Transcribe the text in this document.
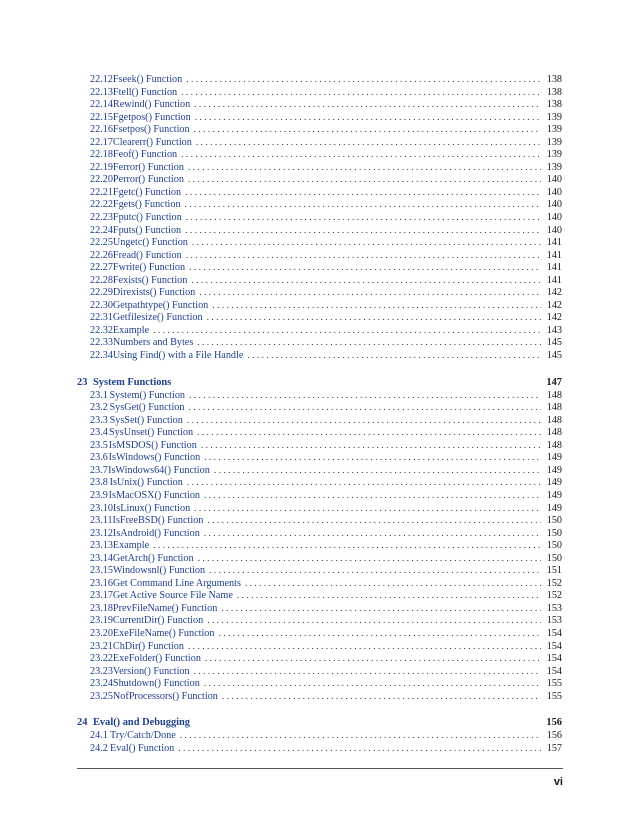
22.12 Fseek() Function . . .	138
22.13 Ftell() Function . . .	138
22.14 Rewind() Function . . .	138
22.15 Fgetpos() Function . . .	139
22.16 Fsetpos() Function . . .	139
22.17 Clearerr() Function . . .	139
22.18 Feof() Function . . .	139
22.19 Ferror() Function . . .	139
22.20 Perror() Function . . .	140
22.21 Fgetc() Function . . .	140
22.22 Fgets() Function . . .	140
22.23 Fputc() Function . . .	140
22.24 Fputs() Function . . .	140
22.25 Ungetc() Function . . .	141
22.26 Fread() Function . . .	141
22.27 Fwrite() Function . . .	141
22.28 Fexists() Function . . .	141
22.29 Direxists() Function . . .	142
22.30 Getpathtype() Function . . .	142
22.31 Getfilesize() Function . . .	142
22.32 Example . . .	143
22.33 Numbers and Bytes . . .	145
22.34 Using Find() with a File Handle . . .	145
23 System Functions	147
23.1 System() Function . . .	148
23.2 SysGet() Function . . .	148
23.3 SysSet() Function . . .	148
23.4 SysUnset() Function . . .	148
23.5 IsMSDOS() Function . . .	148
23.6 IsWindows() Function . . .	149
23.7 IsWindows64() Function . . .	149
23.8 IsUnix() Function . . .	149
23.9 IsMacOSX() Function . . .	149
23.10 IsLinux() Function . . .	149
23.11 IsFreeBSD() Function . . .	150
23.12 IsAndroid() Function . . .	150
23.13 Example . . .	150
23.14 GetArch() Function . . .	150
23.15 Windowsnl() Function . . .	151
23.16 Get Command Line Arguments . . .	152
23.17 Get Active Source File Name . . .	152
23.18 PrevFileName() Function . . .	153
23.19 CurrentDir() Function . . .	153
23.20 ExeFileName() Function . . .	154
23.21 ChDir() Function . . .	154
23.22 ExeFolder() Function . . .	154
23.23 Version() Function . . .	154
23.24 Shutdown() Function . . .	155
23.25 NofProcessors() Function . . .	155
24 Eval() and Debugging	156
24.1 Try/Catch/Done . . .	156
24.2 Eval() Function . . .	157
vi
